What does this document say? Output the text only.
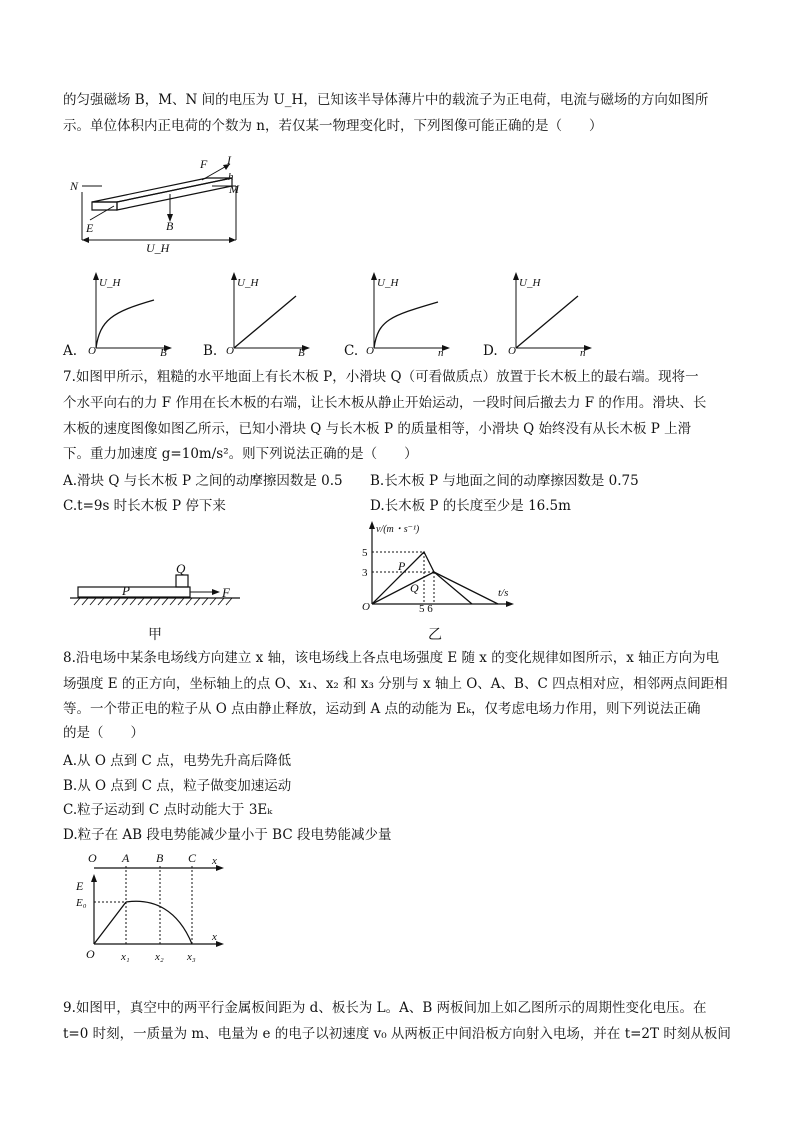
的匀强磁场 B，M、N 间的电压为 U_H，已知该半导体薄片中的载流子为正电荷，电流与磁场的方向如图所
示。单位体积内正电荷的个数为 n，若仅某一物理变化时，下列图像可能正确的是（　　）
F I
h
N	M
E	B
U_H
A.
U_H
O	B	B.
U_H
O	B	C.
U_H
O	n	D.
U_H
O	n
7.如图甲所示，粗糙的水平地面上有长木板 P，小滑块 Q（可看做质点）放置于长木板上的最右端。现将一
个水平向右的力 F 作用在长木板的右端，让长木板从静止开始运动，一段时间后撤去力 F 的作用。滑块、长
木板的速度图像如图乙所示，已知小滑块 Q 与长木板 P 的质量相等，小滑块 Q 始终没有从长木板 P 上滑
下。重力加速度 g=10m/s²。则下列说法正确的是（　　）
A.滑块 Q 与长木板 P 之间的动摩擦因数是 0.5 B.长木板 P 与地面之间的动摩擦因数是 0.75
C.t=9s 时长木板 P 停下来	D.长木板 P 的长度至少是 16.5m
P
Q
F
甲
v/(m・s⁻¹)
5
3
O	5 6
t/s
P
Q
乙
8.沿电场中某条电场线方向建立 x 轴，该电场线上各点电场强度 E 随 x 的变化规律如图所示，x 轴正方向为电
场强度 E 的正方向，坐标轴上的点 O、x₁、x₂ 和 x₃ 分别与 x 轴上 O、A、B、C 四点相对应，相邻两点间距相
等。一个带正电的粒子从 O 点由静止释放，运动到 A 点的动能为 Eₖ，仅考虑电场力作用，则下列说法正确
的是（　　）
A.从 O 点到 C 点，电势先升高后降低
B.从 O 点到 C 点，粒子做变加速运动
C.粒子运动到 C 点时动能大于 3Eₖ
D.粒子在 AB 段电势能减少量小于 BC 段电势能减少量
O A B C x
E
E₀
O x₁ x₂ x₃
x
9.如图甲，真空中的两平行金属板间距为 d、板长为 L。A、B 两板间加上如乙图所示的周期性变化电压。在
t=0 时刻，一质量为 m、电量为 e 的电子以初速度 v₀ 从两板正中间沿板方向射入电场，并在 t=2T 时刻从板间
